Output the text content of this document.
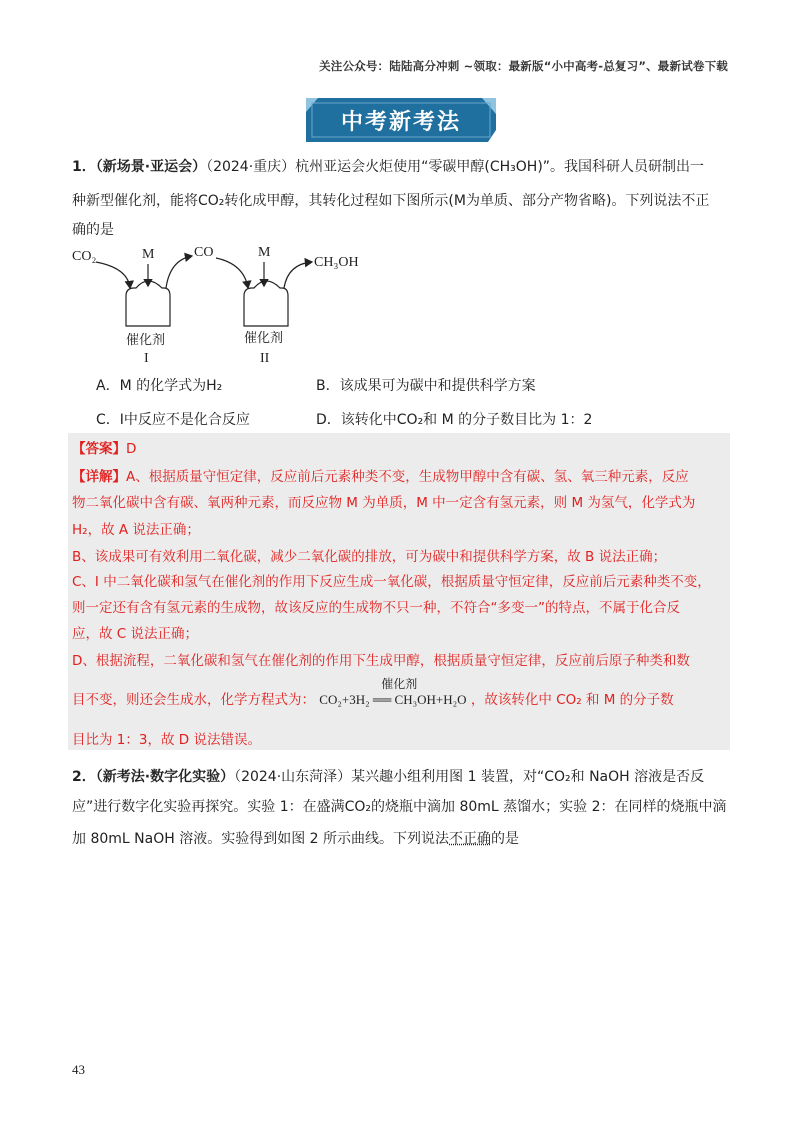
关注公众号：陆陆高分冲刺 ~领取：最新版“小中高考-总复习”、最新试卷下载
中考新考法
1．（新场景·亚运会）（2024·重庆）杭州亚运会火炬使用“零碳甲醇(CH₃OH)”。我国科研人员研制出一
种新型催化剂，能将CO₂转化成甲醇，其转化过程如下图所示(M为单质、部分产物省略)。下列说法不正
确的是
CO₂	M	CO	M
CH₃OH
催化剂	催化剂
I	II
A．M 的化学式为H₂	B．该成果可为碳中和提供科学方案
C．Ⅰ中反应不是化合反应	D．该转化中CO₂和 M 的分子数目比为 1：2
【答案】D
【详解】A、根据质量守恒定律，反应前后元素种类不变，生成物甲醇中含有碳、氢、氧三种元素，反应
物二氧化碳中含有碳、氧两种元素，而反应物 M 为单质，M 中一定含有氢元素，则 M 为氢气，化学式为
H₂，故 A 说法正确；
B、该成果可有效利用二氧化碳，减少二氧化碳的排放，可为碳中和提供科学方案，故 B 说法正确；
C、I 中二氧化碳和氢气在催化剂的作用下反应生成一氧化碳，根据质量守恒定律，反应前后元素种类不变，
则一定还有含有氢元素的生成物，故该反应的生成物不只一种，不符合“多变一”的特点，不属于化合反
应，故 C 说法正确；
D、根据流程，二氧化碳和氢气在催化剂的作用下生成甲醇，根据质量守恒定律，反应前后原子种类和数
目不变，则还会生成水，化学方程式为：
催化剂
CO₂+3H₂ ══ CH₃OH+H₂O ，故该转化中 CO₂ 和 M 的分子数
目比为 1：3，故 D 说法错误。
2．（新考法·数字化实验）（2024·山东菏泽）某兴趣小组利用图 1 装置，对“CO₂和 NaOH 溶液是否反
应”进行数字化实验再探究。实验 1：在盛满CO₂的烧瓶中滴加 80mL 蒸馏水；实验 2：在同样的烧瓶中滴
加 80mL NaOH 溶液。实验得到如图 2 所示曲线。下列说法不正确的是
43
